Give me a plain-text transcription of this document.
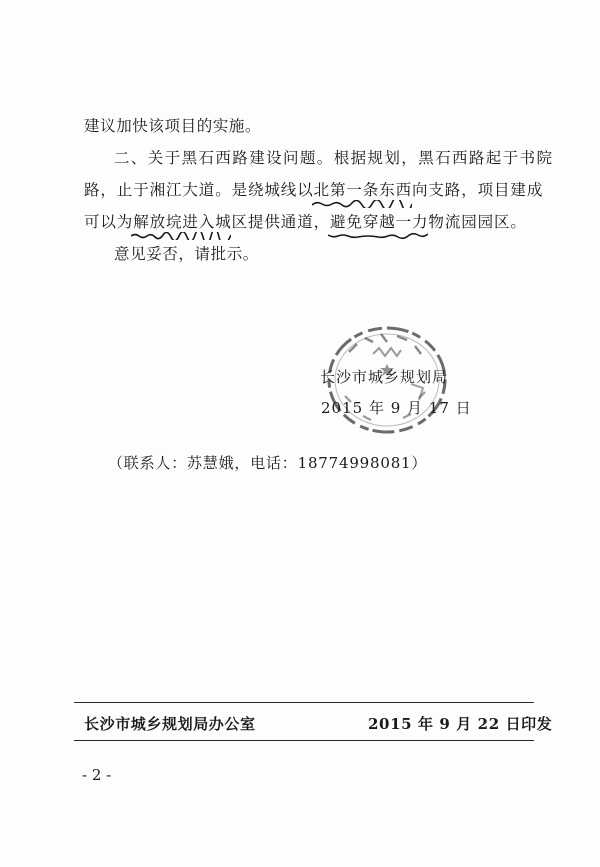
建议加快该项目的实施。
二、关于黑石西路建设问题。根据规划，黑石西路起于书院
路，止于湘江大道。是绕城线以北第一条东西向支路
，项目建成
可以为解放垸进入城区提供通道
，避免穿越一力物流园园区。
意见妥否，请批示。
长沙市城乡规划局
2015 年 9 月 17 日
（联系人：苏慧娥，电话：18774998081）
长沙市城乡规划局办公室	2015 年 9 月 22 日印发
- 2 -
